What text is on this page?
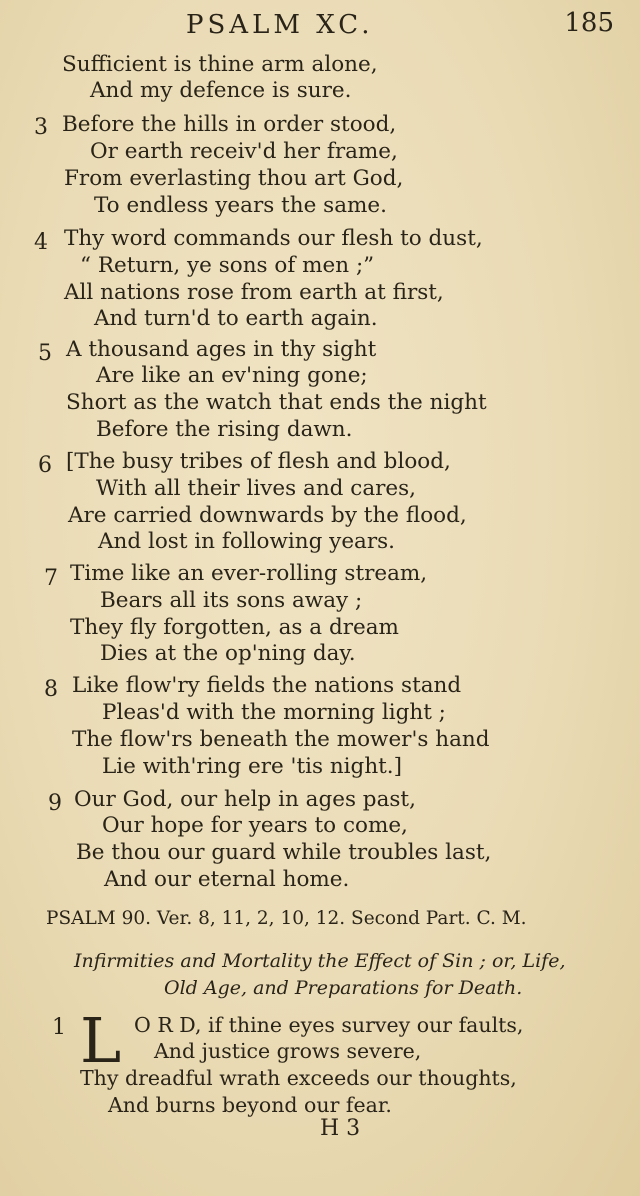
PSALM XC.	185
Sufficient is thine arm alone,
And my defence is sure.
3 Before the hills in order stood,
Or earth receiv'd her frame,
From everlasting thou art God,
To endless years the same.
4 Thy word commands our flesh to dust,
“ Return, ye sons of men ;”
All nations rose from earth at first,
And turn'd to earth again.
5 A thousand ages in thy sight
Are like an ev'ning gone;
Short as the watch that ends the night
Before the rising dawn.
6 [The busy tribes of flesh and blood,
With all their lives and cares,
Are carried downwards by the flood,
And lost in following years.
7 Time like an ever-rolling stream,
Bears all its sons away ;
They fly forgotten, as a dream
Dies at the op'ning day.
8 Like flow'ry fields the nations stand
Pleas'd with the morning light ;
The flow'rs beneath the mower's hand
Lie with'ring ere 'tis night.]
9 Our God, our help in ages past,
Our hope for years to come,
Be thou our guard while troubles last,
And our eternal home.
PSALM 90. Ver. 8, 11, 2, 10, 12. Second Part. C. M.
Infirmities and Mortality the Effect of Sin ; or, Life,
Old Age, and Preparations for Death.
1 L O R D, if thine eyes survey our faults,
And justice grows severe,
Thy dreadful wrath exceeds our thoughts,
And burns beyond our fear.
H 3
